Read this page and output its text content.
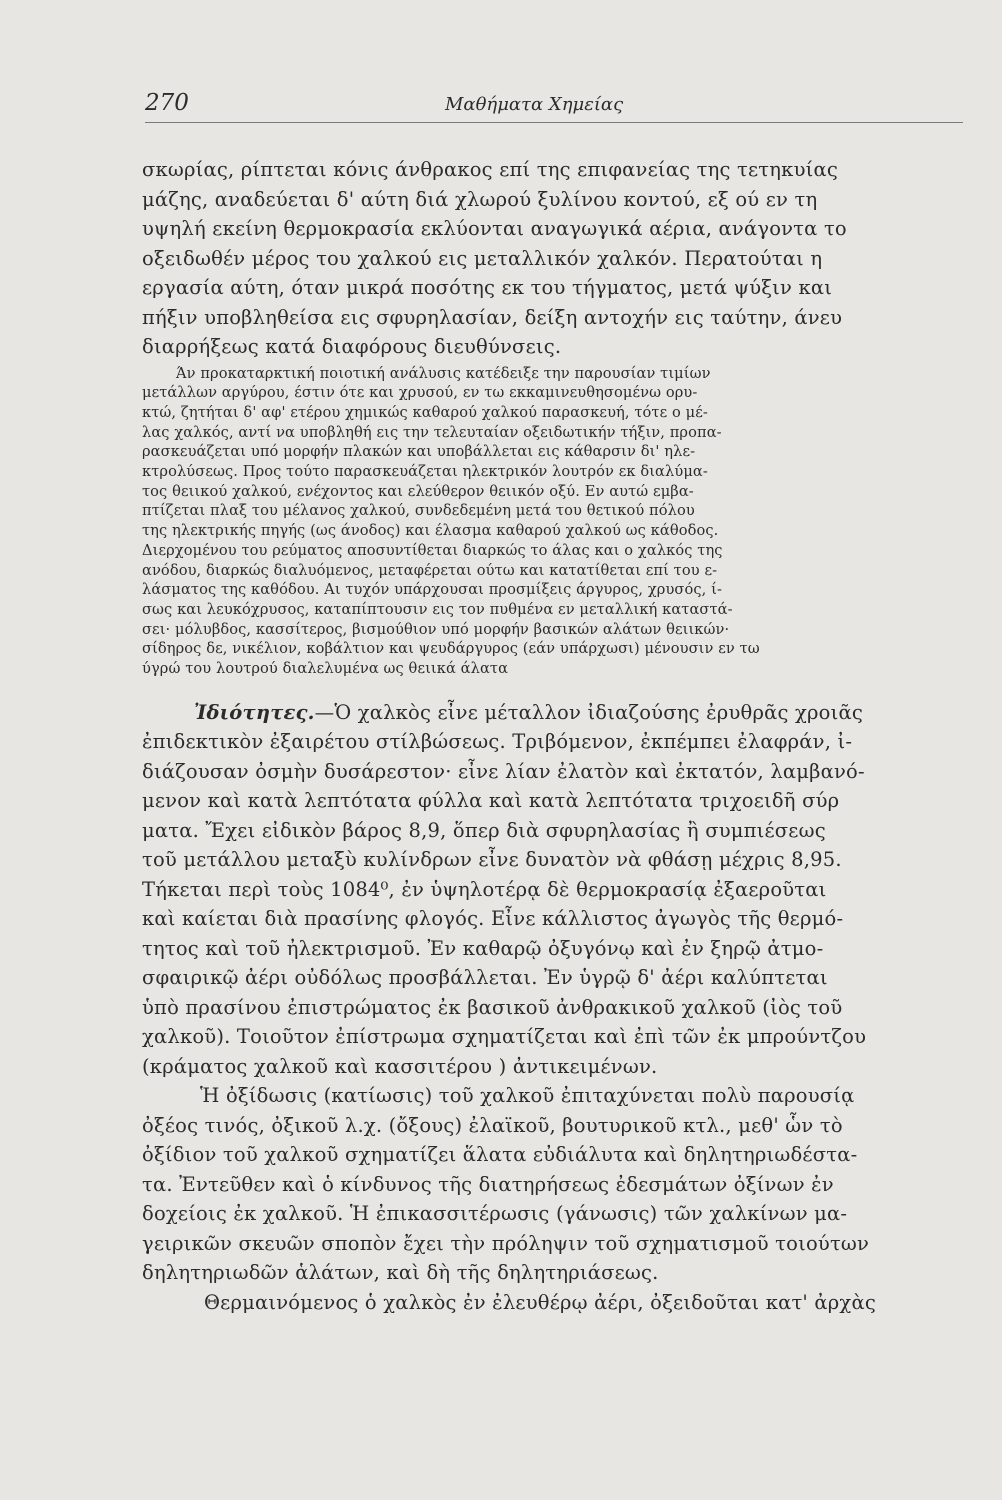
270	Μαθήματα Χημείας
σκωρίας, ρίπτεται κόνις άνθρακος επί της επιφανείας της τετηκυίας
μάζης, αναδεύεται δ' αύτη διά χλωρού ξυλίνου κοντού, εξ ού εν τη
υψηλή εκείνη θερμοκρασία εκλύονται αναγωγικά αέρια, ανάγοντα το
οξειδωθέν μέρος του χαλκού εις μεταλλικόν χαλκόν. Περατούται η
εργασία αύτη, όταν μικρά ποσότης εκ του τήγματος, μετά ψύξιν και
πήξιν υποβληθείσα εις σφυρηλασίαν, δείξη αντοχήν εις ταύτην, άνευ
διαρρήξεως κατά διαφόρους διευθύνσεις.
Άν προκαταρκτική ποιοτική ανάλυσις κατέδειξε την παρουσίαν τιμίων
μετάλλων αργύρου, έστιν ότε και χρυσού, εν τω εκκαμινευθησομένω ορυ-
κτώ, ζητήται δ' αφ' ετέρου χημικώς καθαρού χαλκού παρασκευή, τότε ο μέ-
λας χαλκός, αντί να υποβληθή εις την τελευταίαν οξειδωτικήν τήξιν, προπα-
ρασκευάζεται υπό μορφήν πλακών και υποβάλλεται εις κάθαρσιν δι' ηλε-
κτρολύσεως. Προς τούτο παρασκευάζεται ηλεκτρικόν λουτρόν εκ διαλύμα-
τος θειικού χαλκού, ενέχοντος και ελεύθερον θειικόν οξύ. Εν αυτώ εμβα-
πτίζεται πλαξ του μέλανος χαλκού, συνδεδεμένη μετά του θετικού πόλου
της ηλεκτρικής πηγής (ως άνοδος) και έλασμα καθαρού χαλκού ως κάθοδος.
Διερχομένου του ρεύματος αποσυντίθεται διαρκώς το άλας και ο χαλκός της
ανόδου, διαρκώς διαλυόμενος, μεταφέρεται ούτω και κατατίθεται επί του ε-
λάσματος της καθόδου. Αι τυχόν υπάρχουσαι προσμίξεις άργυρος, χρυσός, ί-
σως και λευκόχρυσος, καταπίπτουσιν εις τον πυθμένα εν μεταλλική καταστά-
σει· μόλυβδος, κασσίτερος, βισμούθιον υπό μορφήν βασικών αλάτων θειικών·
σίδηρος δε, νικέλιον, κοβάλτιον και ψευδάργυρος (εάν υπάρχωσι) μένουσιν εν τω
ύγρώ του λουτρού διαλελυμένα ως θειικά άλατα
Ἰδιότητες.—Ὁ χαλκὸς εἶνε μέταλλον ἰδιαζούσης ἐρυθρᾶς χροιᾶς
ἐπιδεκτικὸν ἐξαιρέτου στίλβώσεως. Τριβόμενον, ἐκπέμπει ἐλαφράν, ἰ-
διάζουσαν ὀσμὴν δυσάρεστον· εἶνε λίαν ἐλατὸν καὶ ἐκτατόν, λαμβανό-
μενον καὶ κατὰ λεπτότατα φύλλα καὶ κατὰ λεπτότατα τριχοειδῆ σύρ
ματα. Ἔχει εἰδικὸν βάρος 8,9, ὅπερ διὰ σφυρηλασίας ἢ συμπιέσεως
τοῦ μετάλλου μεταξὺ κυλίνδρων εἶνε δυνατὸν νὰ φθάσῃ μέχρις 8,95.
Τήκεται περὶ τοὺς 1084⁰, ἐν ὑψηλοτέρᾳ δὲ θερμοκρασίᾳ ἐξαεροῦται
καὶ καίεται διὰ πρασίνης φλογός. Εἶνε κάλλιστος ἀγωγὸς τῆς θερμό-
τητος καὶ τοῦ ἠλεκτρισμοῦ. Ἐν καθαρῷ ὀξυγόνῳ καὶ ἐν ξηρῷ ἀτμο-
σφαιρικῷ ἀέρι οὐδόλως προσβάλλεται. Ἐν ὑγρῷ δ' ἀέρι καλύπτεται
ὑπὸ πρασίνου ἐπιστρώματος ἐκ βασικοῦ ἀνθρακικοῦ χαλκοῦ (ἰὸς τοῦ
χαλκοῦ). Τοιοῦτον ἐπίστρωμα σχηματίζεται καὶ ἐπὶ τῶν ἐκ μπρούντζου
(κράματος χαλκοῦ καὶ κασσιτέρου ) ἀντικειμένων.
Ἡ ὀξίδωσις (κατίωσις) τοῦ χαλκοῦ ἐπιταχύνεται πολὺ παρουσίᾳ
ὀξέος τινός, ὀξικοῦ λ.χ. (ὄξους) ἐλαϊκοῦ, βουτυρικοῦ κτλ., μεθ' ὧν τὸ
ὀξίδιον τοῦ χαλκοῦ σχηματίζει ἅλατα εὐδιάλυτα καὶ δηλητηριωδέστα-
τα. Ἐντεῦθεν καὶ ὁ κίνδυνος τῆς διατηρήσεως ἐδεσμάτων ὀξίνων ἐν
δοχείοις ἐκ χαλκοῦ. Ἡ ἐπικασσιτέρωσις (γάνωσις) τῶν χαλκίνων μα-
γειρικῶν σκευῶν σποπὸν ἔχει τὴν πρόληψιν τοῦ σχηματισμοῦ τοιούτων
δηλητηριωδῶν ἁλάτων, καὶ δὴ τῆς δηλητηριάσεως.
Θερμαινόμενος ὁ χαλκὸς ἐν ἐλευθέρῳ ἀέρι, ὀξειδοῦται κατ' ἀρχὰς
